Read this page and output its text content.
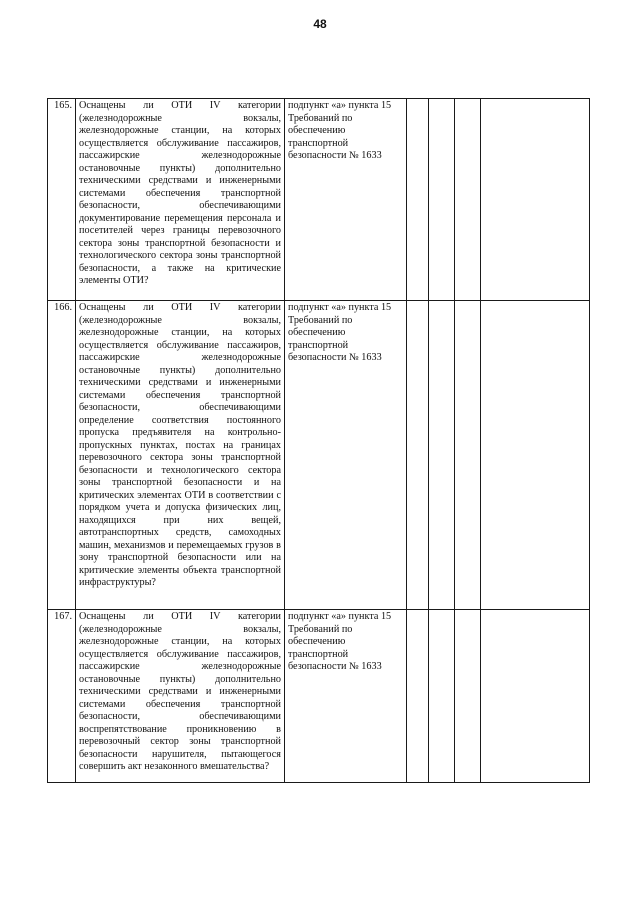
48
165.	Оснащены ли ОТИ IV категории (железнодорожные вокзалы, железнодорожные станции, на которых осуществляется обслуживание пассажиров, пассажирские железнодорожные остановочные пункты) дополнительно техническими средствами и инженерными системами обеспечения транспортной безопасности, обеспечивающими документирование перемещения персонала и посетителей через границы перевозочного сектора зоны транспортной безопасности и технологического сектора зоны транспортной безопасности, а также на критические элементы ОТИ?	подпункт «а» пункта 15 Требований по обеспечению транспортной безопасности № 1633				
166.	Оснащены ли ОТИ IV категории (железнодорожные вокзалы, железнодорожные станции, на которых осуществляется обслуживание пассажиров, пассажирские железнодорожные остановочные пункты) дополнительно техническими средствами и инженерными системами обеспечения транспортной безопасности, обеспечивающими определение соответствия постоянного пропуска предъявителя на контрольно-пропускных пунктах, постах на границах перевозочного сектора зоны транспортной безопасности и технологического сектора зоны транспортной безопасности и на критических элементах ОТИ в соответствии с порядком учета и допуска физических лиц, находящихся при них вещей, автотранспортных средств, самоходных машин, механизмов и перемещаемых грузов в зону транспортной безопасности или на критические элементы объекта транспортной инфраструктуры?	подпункт «а» пункта 15 Требований по обеспечению транспортной безопасности № 1633				
167.	Оснащены ли ОТИ IV категории (железнодорожные вокзалы, железнодорожные станции, на которых осуществляется обслуживание пассажиров, пассажирские железнодорожные остановочные пункты) дополнительно техническими средствами и инженерными системами обеспечения транспортной безопасности, обеспечивающими воспрепятствование проникновению в перевозочный сектор зоны транспортной безопасности нарушителя, пытающегося совершить акт незаконного вмешательства?	подпункт «а» пункта 15 Требований по обеспечению транспортной безопасности № 1633				
